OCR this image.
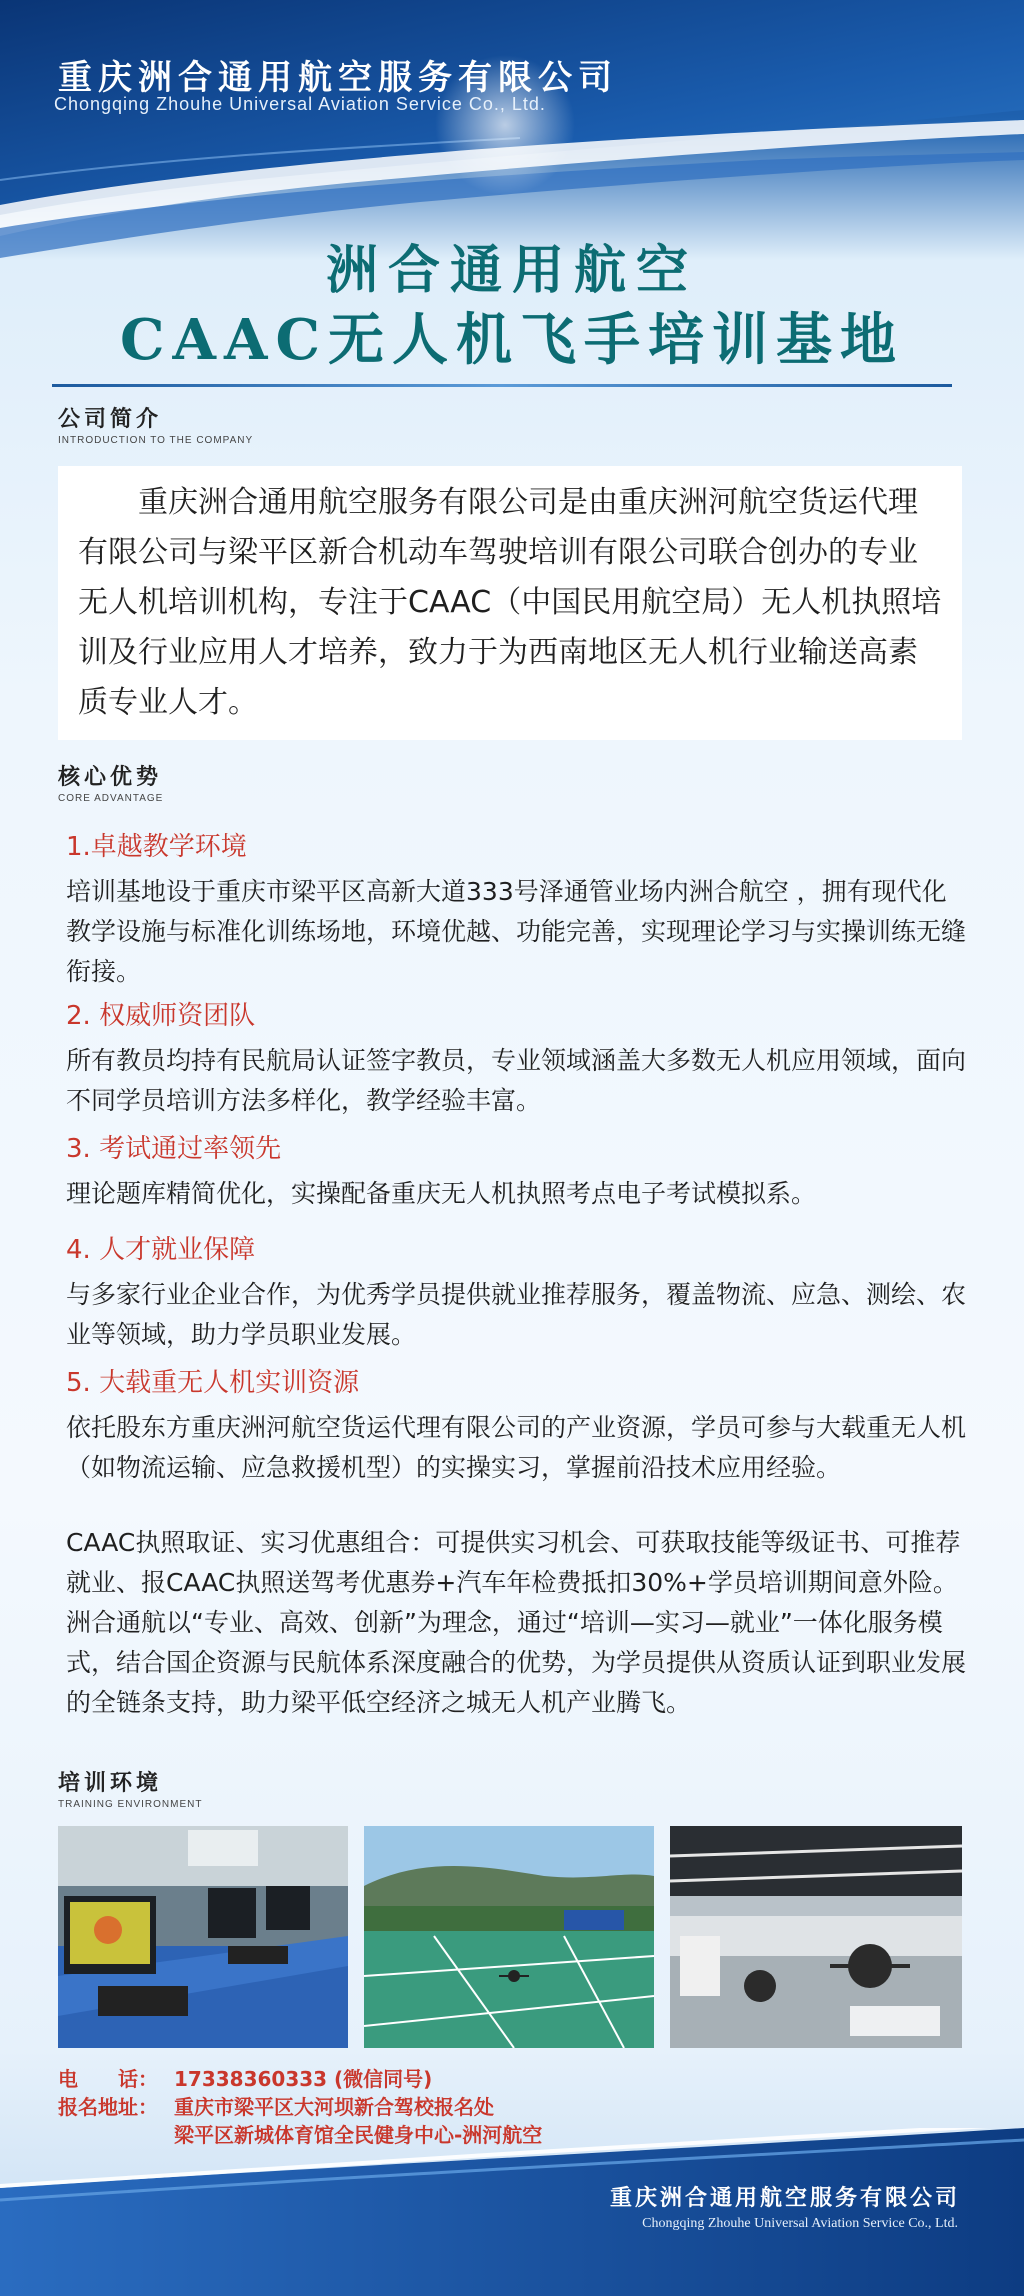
重庆洲合通用航空服务有限公司
Chongqing Zhouhe Universal Aviation Service Co., Ltd.
洲合通用航空
CAAC无人机飞手培训基地
公司简介
INTRODUCTION TO THE COMPANY

重庆洲合通用航空服务有限公司是由重庆洲河航空货运代理有限公司与梁平区新合机动车驾驶培训有限公司联合创办的专业无人机培训机构，专注于CAAC（中国民用航空局）无人机执照培训及行业应用人才培养，致力于为西南地区无人机行业输送高素质专业人才。

核心优势
CORE ADVANTAGE
1.卓越教学环境

培训基地设于重庆市梁平区高新大道333号泽通管业场内洲合航空 ，拥有现代化教学设施与标准化训练场地，环境优越、功能完善，实现理论学习与实操训练无缝衔接。

2. 权威师资团队

所有教员均持有民航局认证签字教员，专业领域涵盖大多数无人机应用领域，面向不同学员培训方法多样化，教学经验丰富。

3. 考试通过率领先

理论题库精简优化，实操配备重庆无人机执照考点电子考试模拟系。

4. 人才就业保障

与多家行业企业合作，为优秀学员提供就业推荐服务，覆盖物流、应急、测绘、农业等领域，助力学员职业发展。

5. 大载重无人机实训资源

依托股东方重庆洲河航空货运代理有限公司的产业资源，学员可参与大载重无人机（如物流运输、应急救援机型）的实操实习，掌握前沿技术应用经验。

CAAC执照取证、实习优惠组合：可提供实习机会、可获取技能等级证书、可推荐就业、报CAAC执照送驾考优惠券+汽车年检费抵扣30%+学员培训期间意外险。 洲合通航以“专业、高效、创新”为理念，通过“培训—实习—就业”一体化服务模式，结合国企资源与民航体系深度融合的优势，为学员提供从资质认证到职业发展的全链条支持，助力梁平低空经济之城无人机产业腾飞。

培训环境
TRAINING ENVIRONMENT
电　　话： 17338360333 (微信同号)
报名地址： 重庆市梁平区大河坝新合驾校报名处
梁平区新城体育馆全民健身中心-洲河航空
重庆洲合通用航空服务有限公司
Chongqing Zhouhe Universal Aviation Service Co., Ltd.
